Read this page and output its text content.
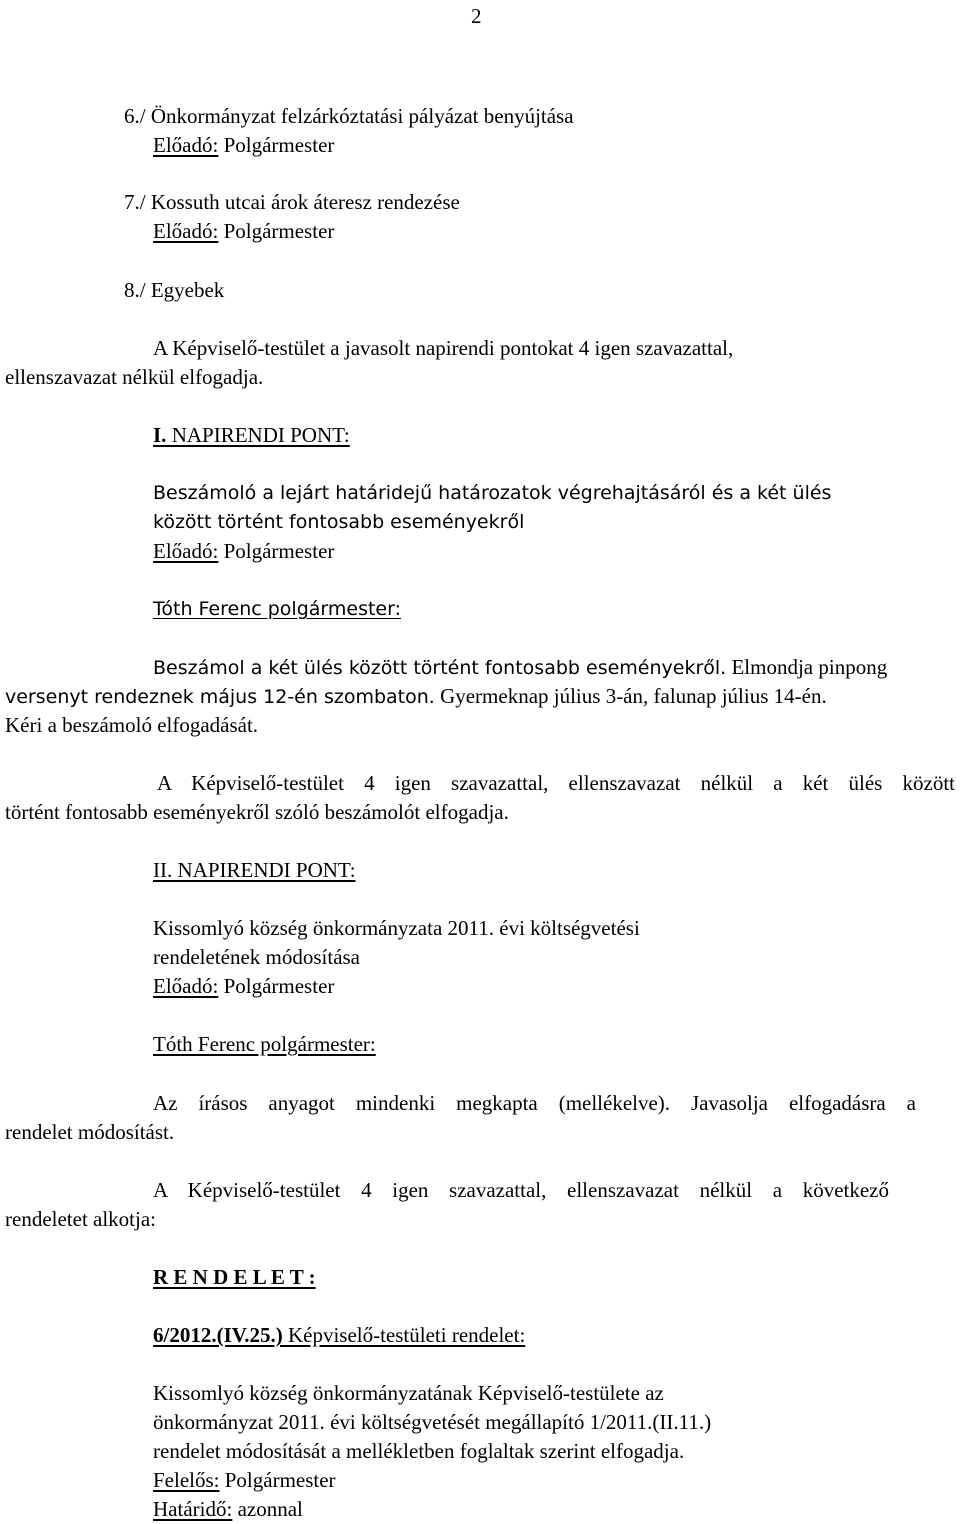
2
6./ Önkormányzat felzárkóztatási pályázat benyújtása
Előadó: Polgármester
7./ Kossuth utcai árok áteresz rendezése
Előadó: Polgármester
8./ Egyebek
A Képviselő-testület a javasolt napirendi pontokat 4 igen szavazattal,
ellenszavazat nélkül elfogadja.
I. NAPIRENDI PONT:
Beszámoló a lejárt határidejű határozatok végrehajtásáról és a két ülés
között történt fontosabb eseményekről
Előadó: Polgármester
Tóth Ferenc polgármester:
Beszámol a két ülés között történt fontosabb eseményekről. Elmondja pinpong
versenyt rendeznek május 12-én szombaton. Gyermeknap július 3-án, falunap július 14-én.
Kéri a beszámoló elfogadását.
A Képviselő-testület 4 igen szavazattal, ellenszavazat nélkül a két ülés között
történt fontosabb eseményekről szóló beszámolót elfogadja.
II. NAPIRENDI PONT:
Kissomlyó község önkormányzata 2011. évi költségvetési
rendeletének módosítása
Előadó: Polgármester
Tóth Ferenc polgármester:
Az írásos anyagot mindenki megkapta (mellékelve). Javasolja elfogadásra a
rendelet módosítást.
A Képviselő-testület 4 igen szavazattal, ellenszavazat nélkül a következő
rendeletet alkotja:
R E N D E L E T :
6/2012.(IV.25.) Képviselő-testületi rendelet:
Kissomlyó község önkormányzatának Képviselő-testülete az
önkormányzat 2011. évi költségvetését megállapító 1/2011.(II.11.)
rendelet módosítását a mellékletben foglaltak szerint elfogadja.
Felelős: Polgármester
Határidő: azonnal
